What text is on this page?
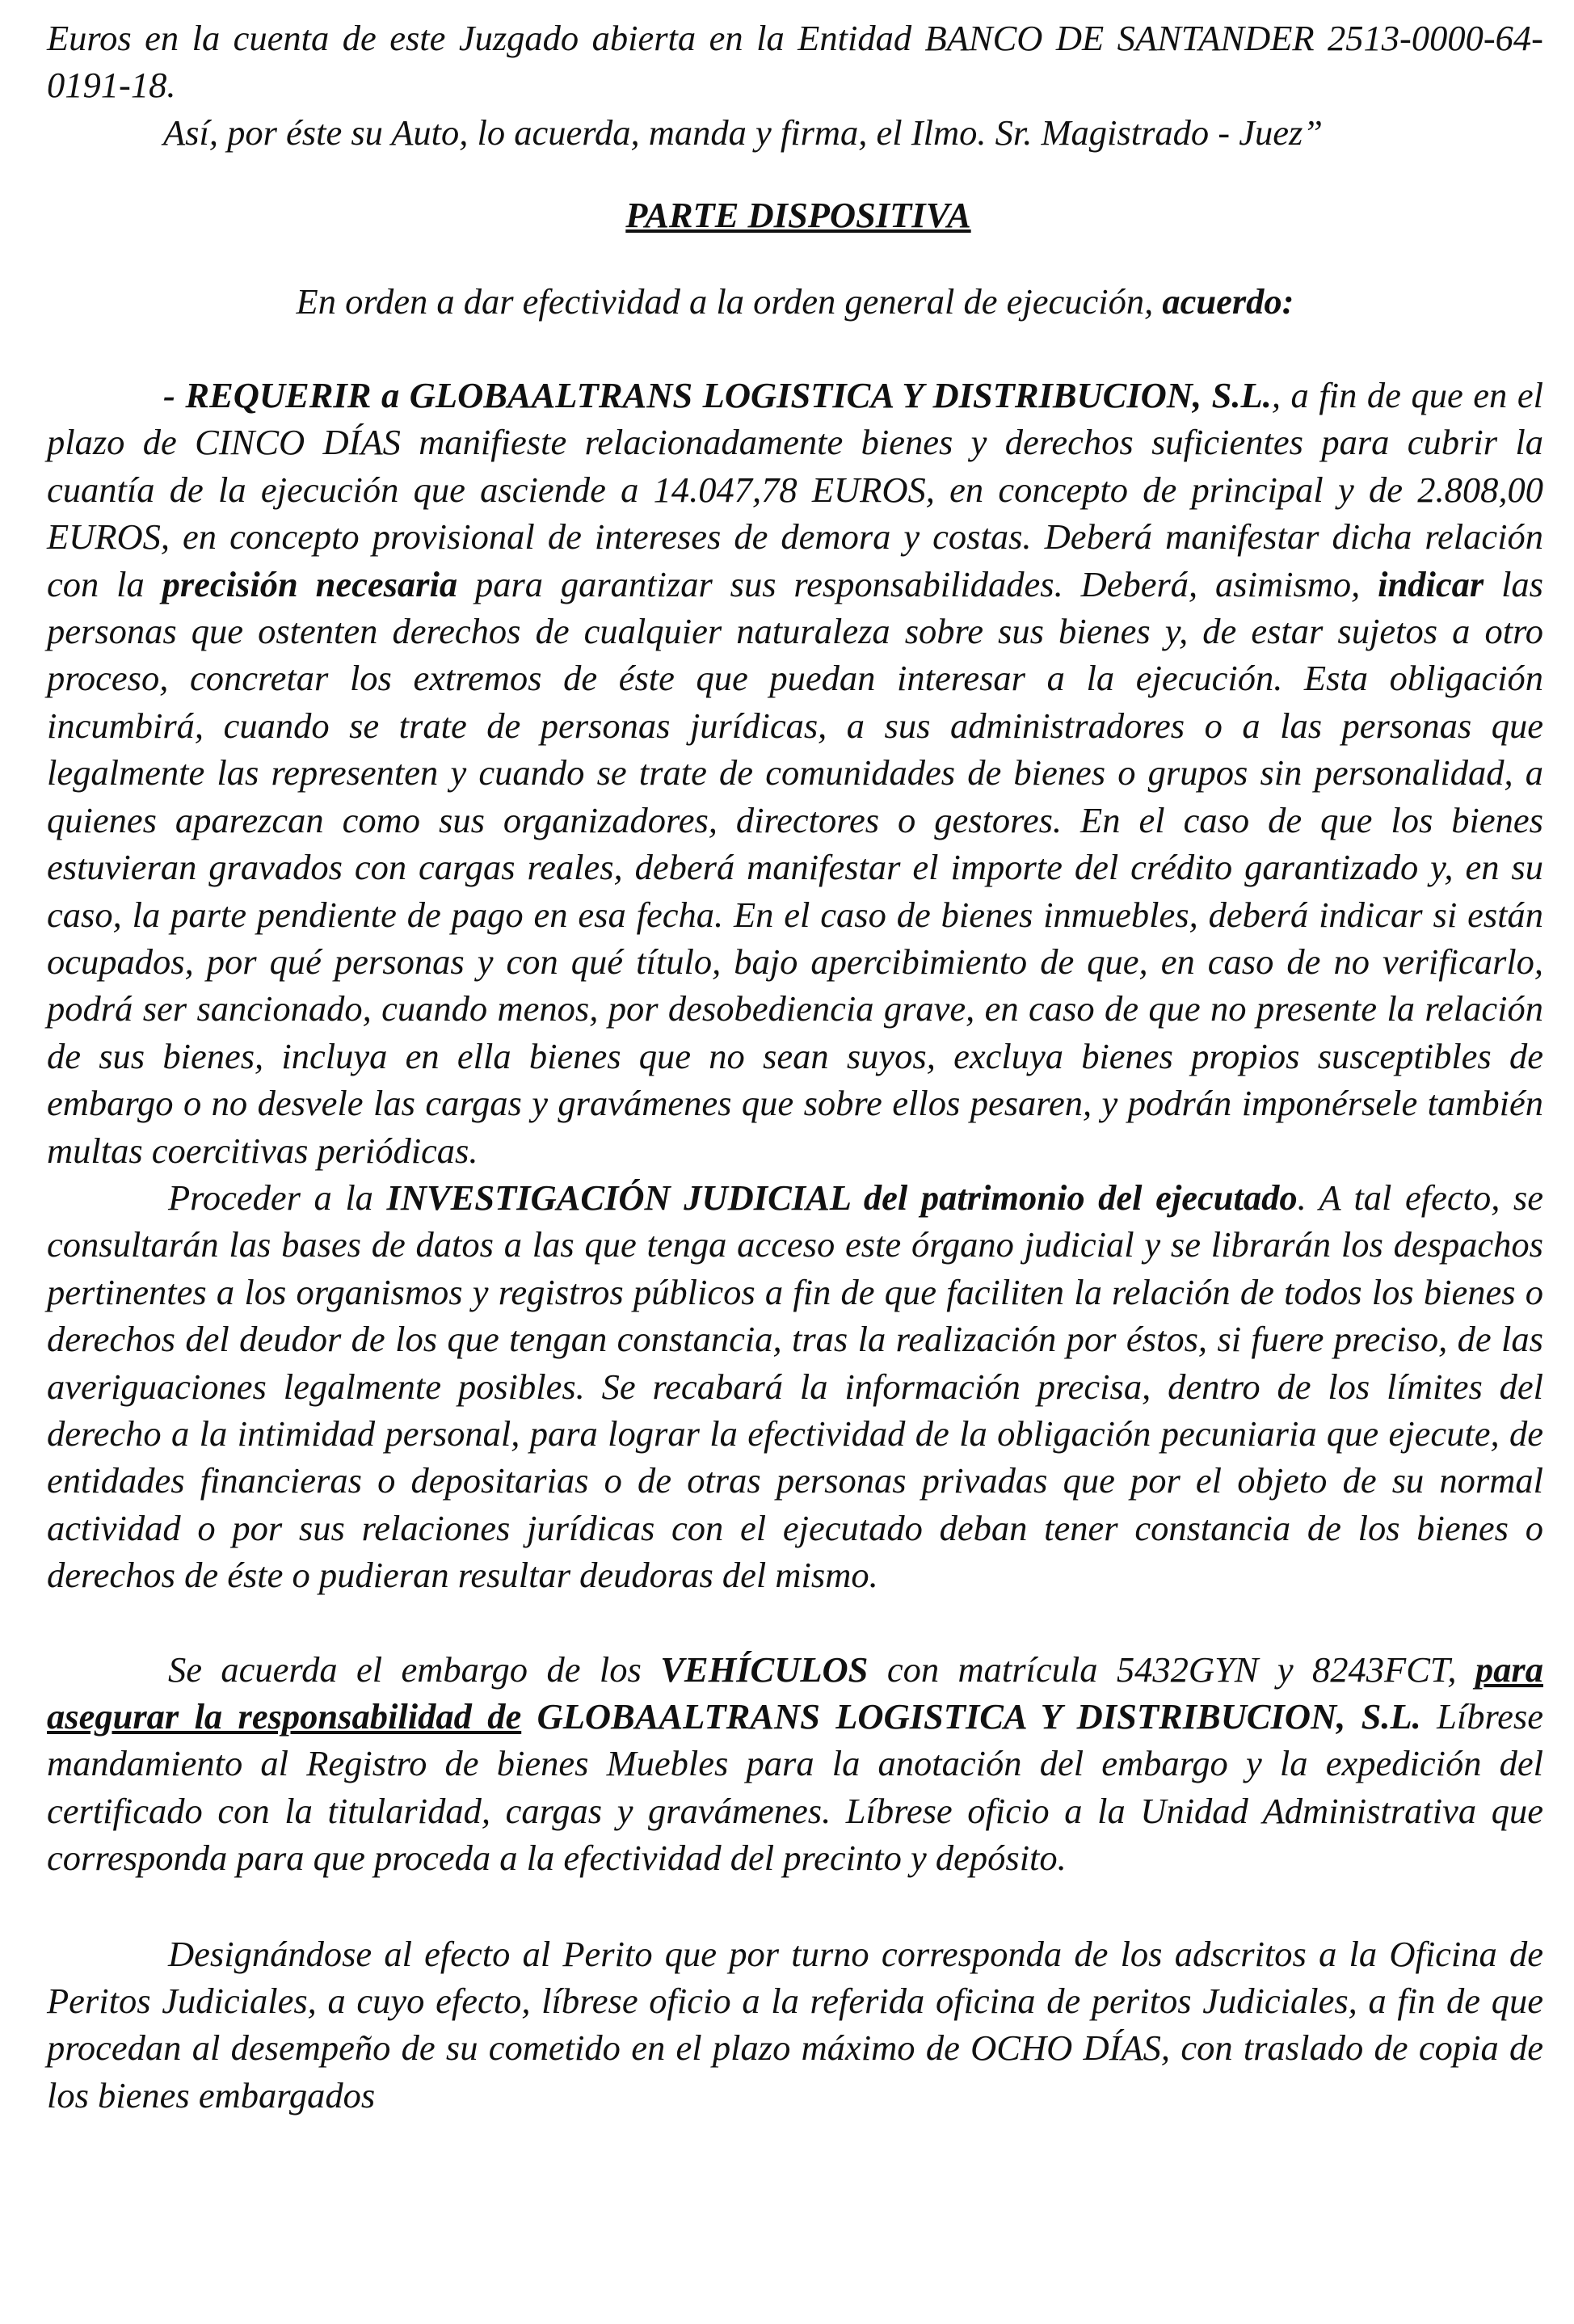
Euros en la cuenta de este Juzgado abierta en la Entidad BANCO DE SANTANDER 2513-0000-64-0191-18.

Así, por éste su Auto, lo acuerda, manda y firma, el Ilmo. Sr. Magistrado - Juez”

PARTE DISPOSITIVA

En orden a dar efectividad a la orden general de ejecución, acuerdo:

- REQUERIR a GLOBAALTRANS LOGISTICA Y DISTRIBUCION, S.L., a fin de que en el plazo de CINCO DÍAS manifieste relacionadamente bienes y derechos suficientes para cubrir la cuantía de la ejecución que asciende a 14.047,78 EUROS, en concepto de principal y de 2.808,00 EUROS, en concepto provisional de intereses de demora y costas. Deberá manifestar dicha relación con la precisión necesaria para garantizar sus responsabilidades. Deberá, asimismo, indicar las personas que ostenten derechos de cualquier naturaleza sobre sus bienes y, de estar sujetos a otro proceso, concretar los extremos de éste que puedan interesar a la ejecución. Esta obligación incumbirá, cuando se trate de personas jurídicas, a sus administradores o a las personas que legalmente las representen y cuando se trate de comunidades de bienes o grupos sin personalidad, a quienes aparezcan como sus organizadores, directores o gestores. En el caso de que los bienes estuvieran gravados con cargas reales, deberá manifestar el importe del crédito garantizado y, en su caso, la parte pendiente de pago en esa fecha. En el caso de bienes inmuebles, deberá indicar si están ocupados, por qué personas y con qué título, bajo apercibimiento de que, en caso de no verificarlo, podrá ser sancionado, cuando menos, por desobediencia grave, en caso de que no presente la relación de sus bienes, incluya en ella bienes que no sean suyos, excluya bienes propios susceptibles de embargo o no desvele las cargas y gravámenes que sobre ellos pesaren, y podrán imponérsele también multas coercitivas periódicas.

Proceder a la INVESTIGACIÓN JUDICIAL del patrimonio del ejecutado. A tal efecto, se consultarán las bases de datos a las que tenga acceso este órgano judicial y se librarán los despachos pertinentes a los organismos y registros públicos a fin de que faciliten la relación de todos los bienes o derechos del deudor de los que tengan constancia, tras la realización por éstos, si fuere preciso, de las averiguaciones legalmente posibles. Se recabará la información precisa, dentro de los límites del derecho a la intimidad personal, para lograr la efectividad de la obligación pecuniaria que ejecute, de entidades financieras o depositarias o de otras personas privadas que por el objeto de su normal actividad o por sus relaciones jurídicas con el ejecutado deban tener constancia de los bienes o derechos de éste o pudieran resultar deudoras del mismo.

Se acuerda el embargo de los VEHÍCULOS con matrícula 5432GYN y 8243FCT, para asegurar la responsabilidad de GLOBAALTRANS LOGISTICA Y DISTRIBUCION, S.L. Líbrese mandamiento al Registro de bienes Muebles para la anotación del embargo y la expedición del certificado con la titularidad, cargas y gravámenes. Líbrese oficio a la Unidad Administrativa que corresponda para que proceda a la efectividad del precinto y depósito.

Designándose al efecto al Perito que por turno corresponda de los adscritos a la Oficina de Peritos Judiciales, a cuyo efecto, líbrese oficio a la referida oficina de peritos Judiciales, a fin de que procedan al desempeño de su cometido en el plazo máximo de OCHO DÍAS, con traslado de copia de los bienes embargados
